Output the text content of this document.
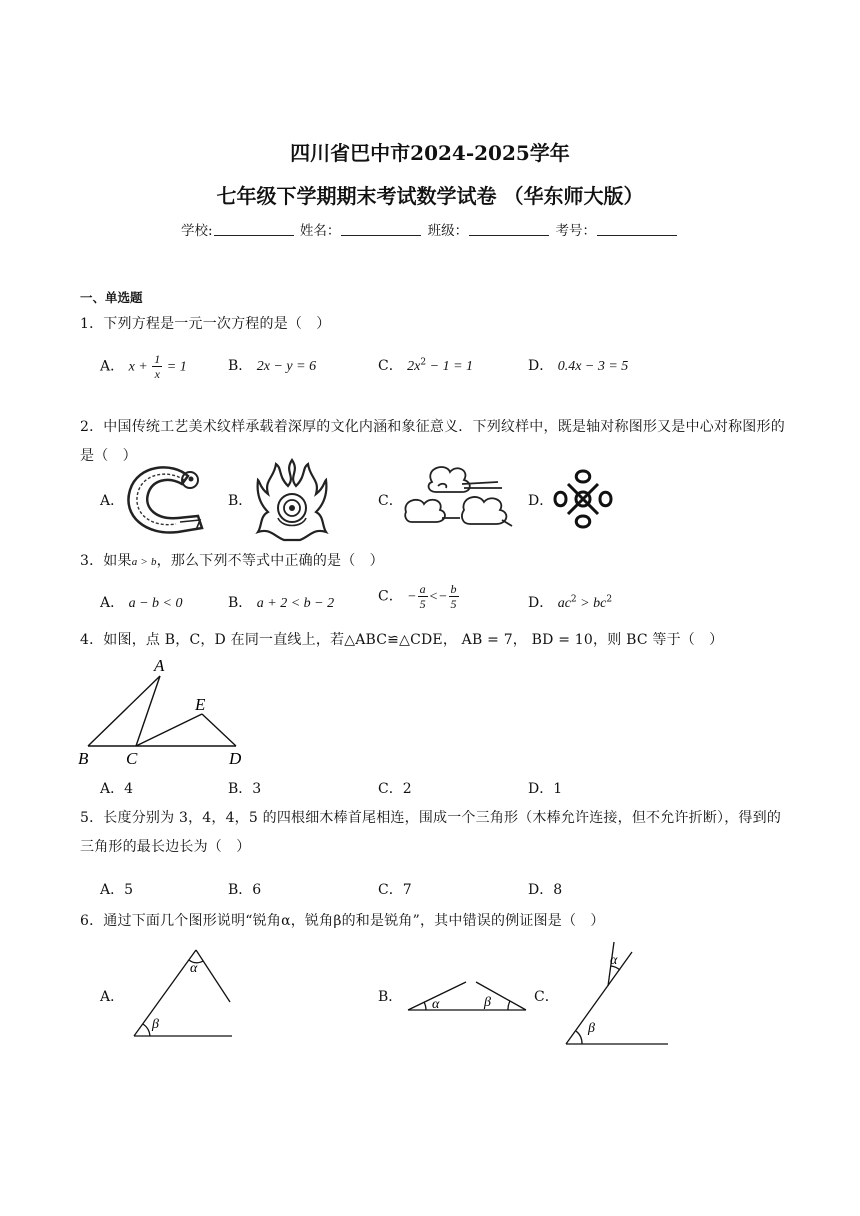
四川省巴中市2024-2025学年
七年级下学期期末考试数学试卷 （华东师大版）
学校:	姓名：	班级：	考号：
一、单选题
1．下列方程是一元一次方程的是（　）
A． $x + \frac{1}{x} = 1$	B． 2x − y = 6	C． $2x^2 - 1 = 1$	D． 0.4x − 3 = 5
2．中国传统工艺美术纹样承载着深厚的文化内涵和象征意义．下列纹样中，既是轴对称图形又是中心对称图形的是（　）
A．	B．	C．	D．
3．如果a > b，那么下列不等式中正确的是（　）
A． a − b < 0	B． a + 2 < b − 2	C． − $\frac{a}{5} <- \frac{b}{5}$	D． $ac^2 > bc^2$
4．如图，点 B，C，D 在同一直线上，若△ABC≌△CDE， AB = 7， BD = 10，则 BC 等于（　）
A
B C	D
E
A．4	B．3	C．2	D．1
5．长度分别为 3，4，4，5 的四根细木棒首尾相连，围成一个三角形（木棒允许连接，但不允许折断），得到的三角形的最长边长为（　）
A．5	B．6	C．7	D．8
6．通过下面几个图形说明“锐角α，锐角β的和是锐角”，其中错误的例证图是（　）
A．
α
β
B． α	β	C．
α
β
